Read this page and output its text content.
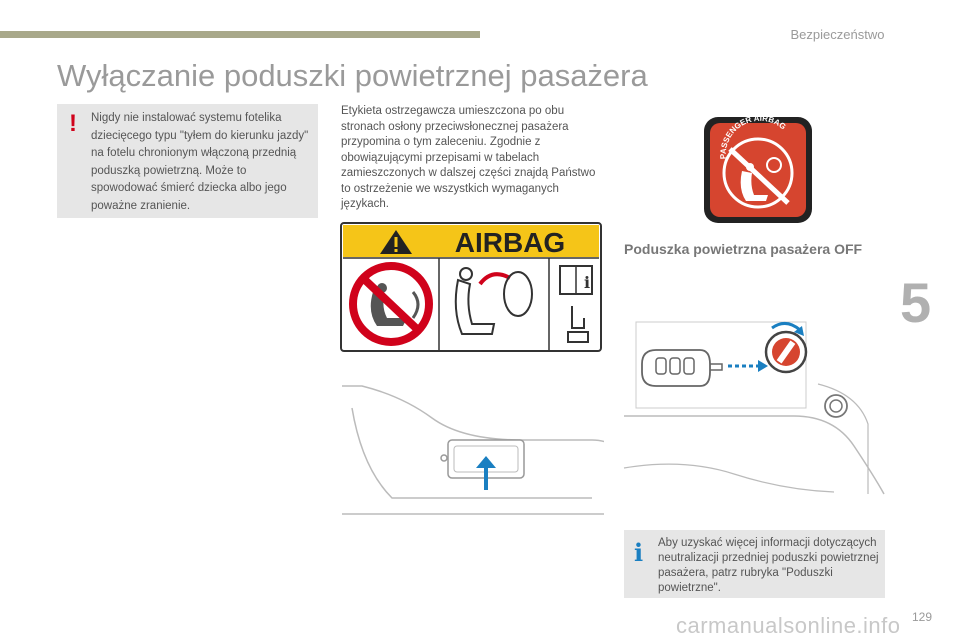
Bezpieczeństwo
5
Wyłączanie poduszki powietrznej pasażera
! Nigdy nie instalować systemu fotelika dziecięcego typu "tyłem do kierunku jazdy" na fotelu chronionym włączoną przednią poduszką powietrzną. Może to spowodować śmierć dziecka albo jego poważne zranienie.
Etykieta ostrzegawcza umieszczona po obu stronach osłony przeciwsłonecznej pasażera przypomina o tym zaleceniu. Zgodnie z obowiązującymi przepisami w tabelach zamieszczonych w dalszej części znajdą Państwo to ostrzeżenie we wszystkich wymaganych językach.
AIRBAG
i
PASSENGER AIRBAG
Poduszka powietrzna pasażera OFF
i Aby uzyskać więcej informacji dotyczących neutralizacji przedniej poduszki powietrznej pasażera, patrz rubryka "Poduszki powietrzne".
carmanualsonline.info 129
